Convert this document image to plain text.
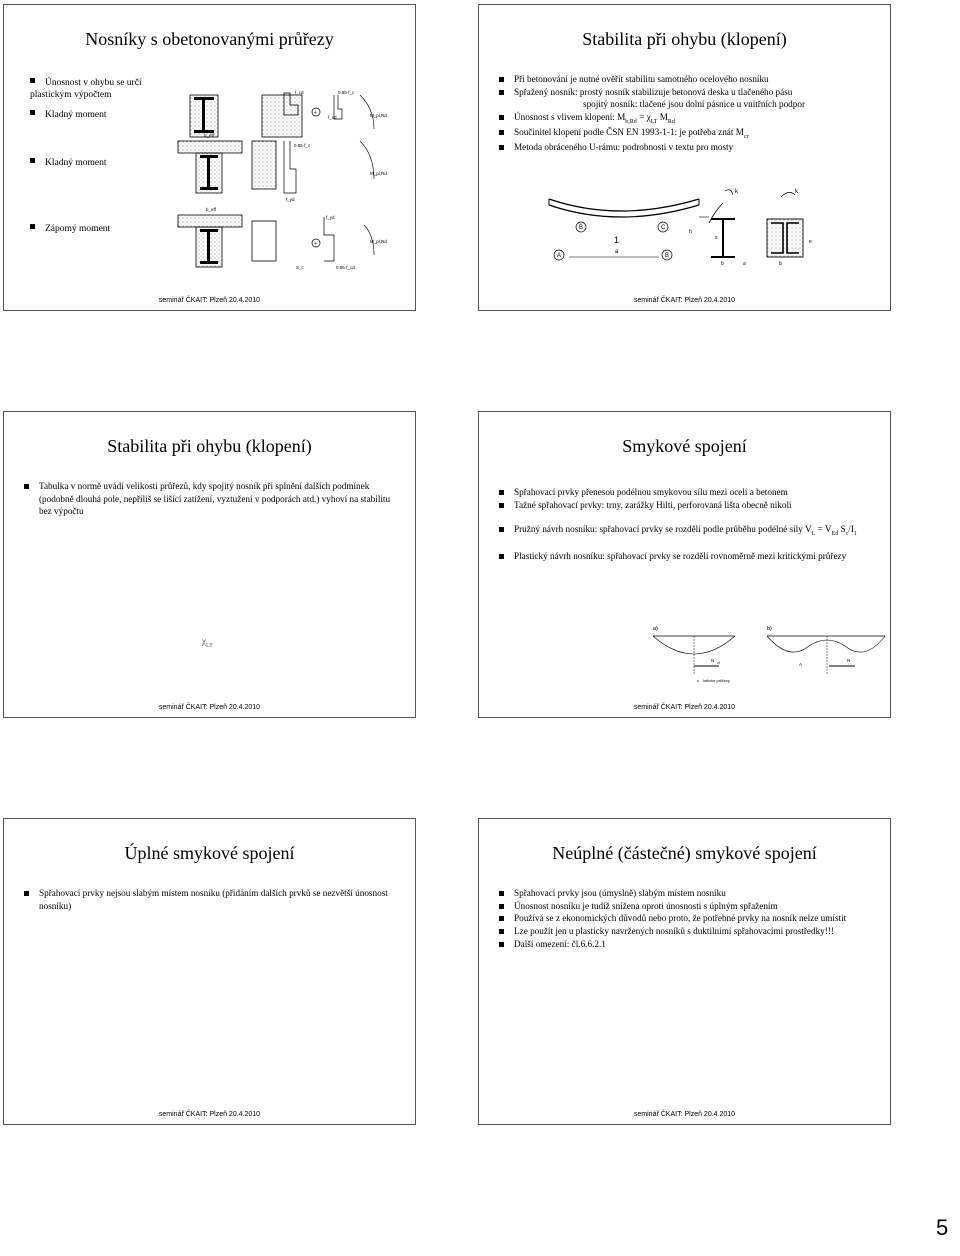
Nosníky s obetonovanými průřezy
Únosnost v ohybu se určí plastickým výpočtem
Kladný moment
Kladný moment
Zápomý moment
f_cd
+
0.85·f_c
f_sd	M_pl,Rd
b_eff
0.85·f_c
f_yd
M_pl,Rd
b_eff
f_yd
+
S_c	0.85·f_cd
M_pl,Rd
seminář ČKAIT: Plzeň 20.4.2010
Stabilita při ohybu (klopení)
Při betonování je nutné ověřit stabilitu samotného ocelového nosníku
Spřažený nosník: prostý nosník stabilizuje betonová deska u tlačeného pásu
spojitý nosník: tlačené jsou dolní pásnice u vnitřních podpor
Únosnost s vlivem klopení: $M_{b,Rd} = \chi_{LT}$ $M_{Rd}$
Součinitel klopení podle ČSN EN 1993-1-1: je potřeba znát $M_{cr}$
Metoda obráceného U-rámu: podrobnosti v textu pro mosty
B	C
A	B
1
a
h
k
s
b	a
k
b
e
seminář ČKAIT: Plzeň 20.4.2010
Stabilita při ohybu (klopení)
Tabulka v normě uvádí velikosti průřezů, kdy spojitý nosník při splnění dalších podmínek (podobně dlouhá pole, nepříliš se lišící zatížení, vyztužení v podporách atd.) vyhoví na stabilitu bez výpočtu
$\chi_{LT}$
seminář ČKAIT: Plzeň 20.4.2010
Smykové spojení
Spřahovací prvky přenesou podélnou smykovou sílu mezi ocelí a betonem
Tažné spřahovací prvky: trny, zarážky Hilti, perforovaná lišta obecně nikoli
Pružný návrh nosníku: spřahovací prvky se rozdělí podle průběhu podélné síly $V_L = V_{Ed}$ $S_c/I_1$
Plastický návrh nosníku: spřahovací prvky se rozdělí rovnoměrně mezi kritickými průřezy
a)
N cf
x kritické průřezy
b)
A
N
seminář ČKAIT: Plzeň 20.4.2010
Úplné smykové spojení
Spřahovací prvky nejsou slabým místem nosníku (přidáním dalších prvků se nezvětší únosnost nosníku)
seminář ČKAIT: Plzeň 20.4.2010
Neúplné (částečné) smykové spojení
Spřahovací prvky jsou (úmyslně) slabým místem nosníku
Únosnost nosníku je tudíž snížena oproti únosnosti s úplným spřažením
Používá se z ekonomických důvodů nebo proto, že potřebné prvky na nosník nelze umístit
Lze použít jen u plasticky navržených nosníků s duktilními spřahovacími prostředky!!!
Další omezení: čl.6.6.2.1
seminář ČKAIT: Plzeň 20.4.2010
5
